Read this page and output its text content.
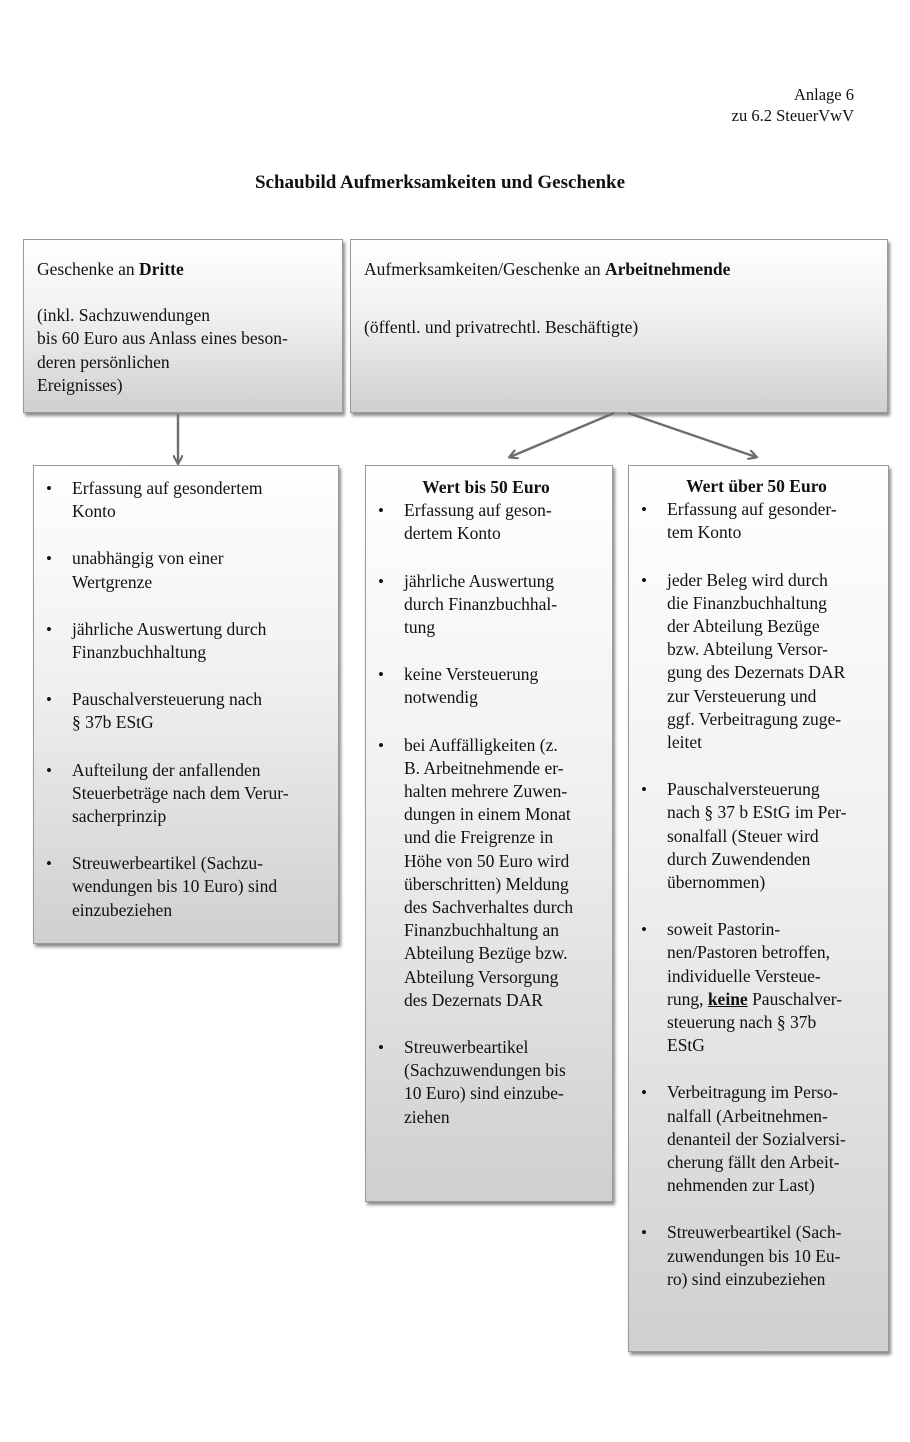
Anlage 6
zu 6.2 SteuerVwV
Schaubild Aufmerksamkeiten und Geschenke

Geschenke an Dritte

(inkl. Sachzuwendungen
bis 60 Euro aus Anlass eines beson-
deren persönlichen
Ereignisses)

Aufmerksamkeiten/Geschenke an Arbeitnehmende

(öffentl. und privatrechtl. Beschäftigte)

• Erfassung auf gesondertem
Konto
• unabhängig von einer
Wertgrenze
• jährliche Auswertung durch
Finanzbuchhaltung
• Pauschalversteuerung nach
§ 37b EStG
• Aufteilung der anfallenden
Steuerbeträge nach dem Verur-
sacherprinzip
• Streuwerbeartikel (Sachzu-
wendungen bis 10 Euro) sind
einzubeziehen

Wert bis 50 Euro

• Erfassung auf geson-
dertem Konto
• jährliche Auswertung
durch Finanzbuchhal-
tung
• keine Versteuerung
notwendig
• bei Auffälligkeiten (z.
B. Arbeitnehmende er-
halten mehrere Zuwen-
dungen in einem Monat
und die Freigrenze in
Höhe von 50 Euro wird
überschritten) Meldung
des Sachverhaltes durch
Finanzbuchhaltung an
Abteilung Bezüge bzw.
Abteilung Versorgung
des Dezernats DAR
• Streuwerbeartikel
(Sachzuwendungen bis
10 Euro) sind einzube-
ziehen

Wert über 50 Euro

• Erfassung auf gesonder-
tem Konto
• jeder Beleg wird durch
die Finanzbuchhaltung
der Abteilung Bezüge
bzw. Abteilung Versor-
gung des Dezernats DAR
zur Versteuerung und
ggf. Verbeitragung zuge-
leitet
• Pauschalversteuerung
nach § 37 b EStG im Per-
sonalfall (Steuer wird
durch Zuwendenden
übernommen)
• soweit Pastorin-
nen/Pastoren betroffen,
individuelle Versteue-
rung, keine Pauschalver-
steuerung nach § 37b
EStG
• Verbeitragung im Perso-
nalfall (Arbeitnehmen-
denanteil der Sozialversi-
cherung fällt den Arbeit-
nehmenden zur Last)
• Streuwerbeartikel (Sach-
zuwendungen bis 10 Eu-
ro) sind einzubeziehen
